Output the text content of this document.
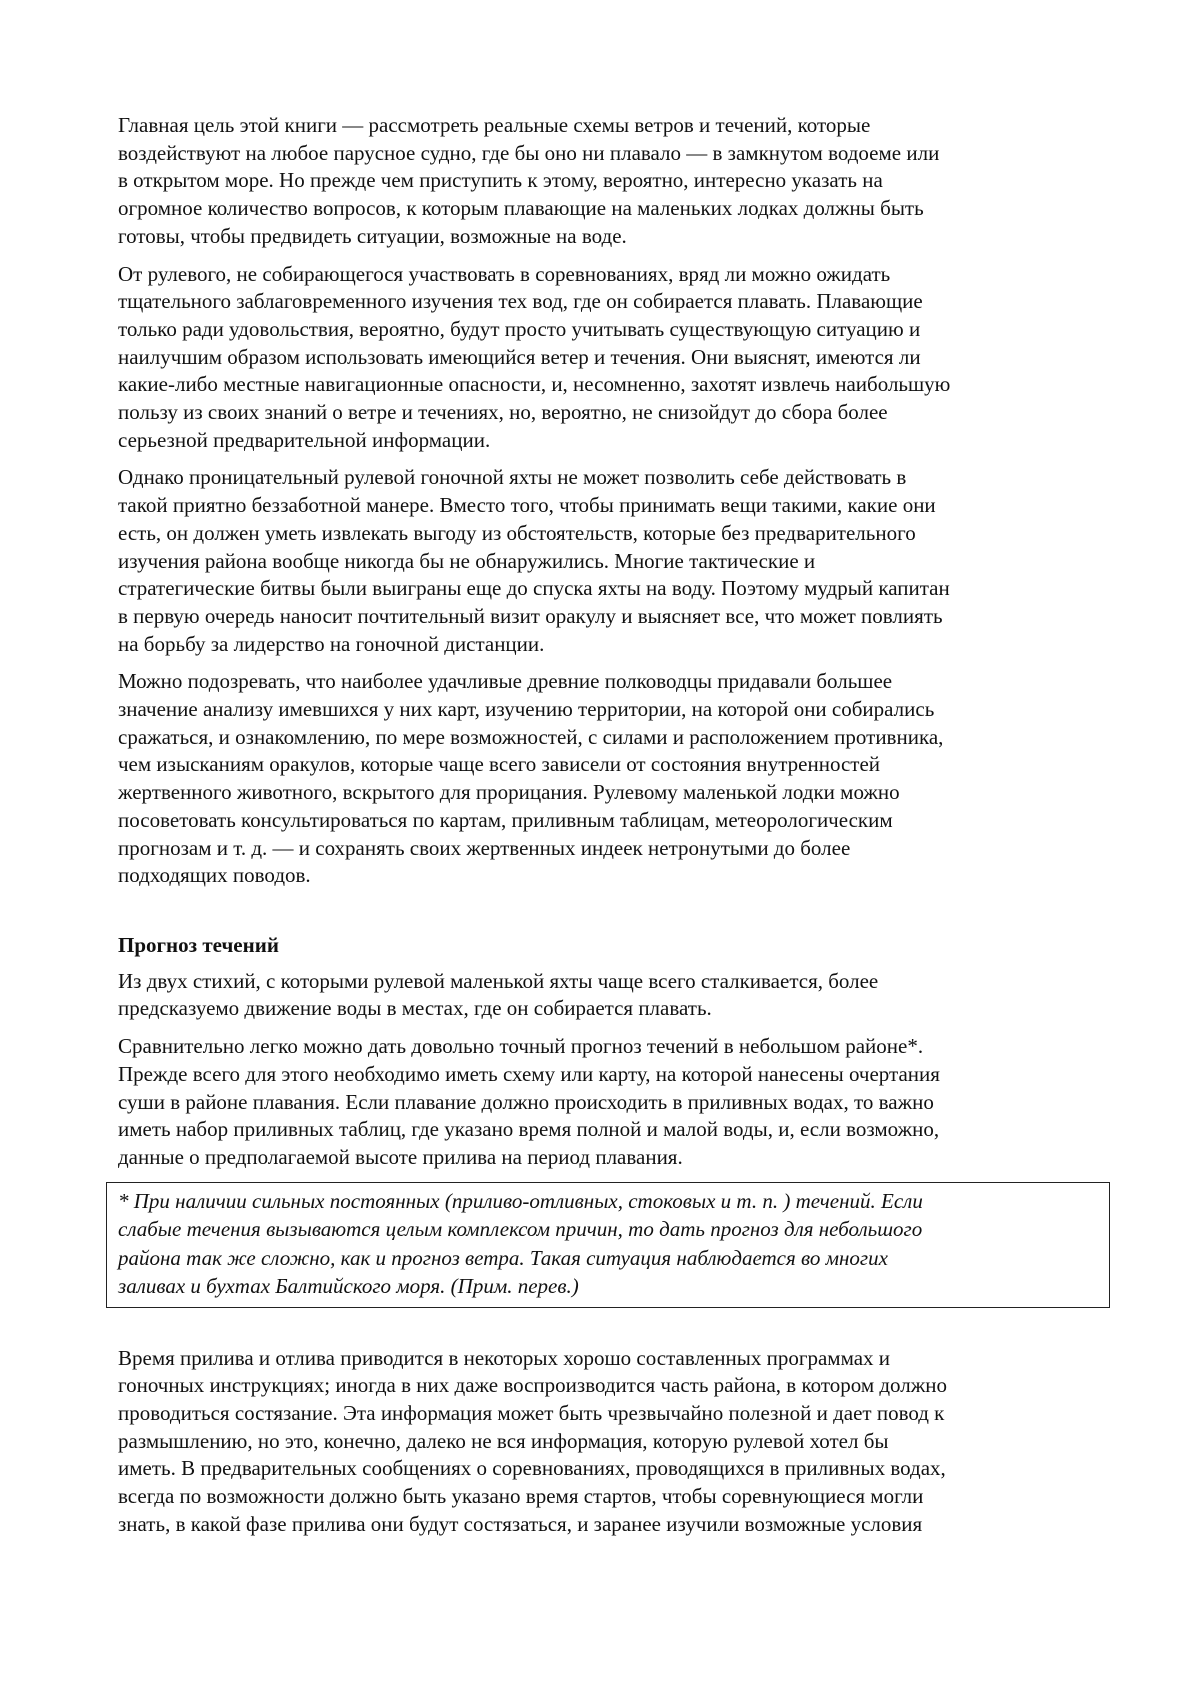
Главная цель этой книги — рассмотреть реальные схемы ветров и течений, которые
воздействуют на любое парусное судно, где бы оно ни плавало — в замкнутом водоеме или
в открытом море. Но прежде чем приступить к этому, вероятно, интересно указать на
огромное количество вопросов, к которым плавающие на маленьких лодках должны быть
готовы, чтобы предвидеть ситуации, возможные на воде.

От рулевого, не собирающегося участвовать в соревнованиях, вряд ли можно ожидать
тщательного заблаговременного изучения тех вод, где он собирается плавать. Плавающие
только ради удовольствия, вероятно, будут просто учитывать существующую ситуацию и
наилучшим образом использовать имеющийся ветер и течения. Они выяснят, имеются ли
какие-либо местные навигационные опасности, и, несомненно, захотят извлечь наибольшую
пользу из своих знаний о ветре и течениях, но, вероятно, не снизойдут до сбора более
серьезной предварительной информации.

Однако проницательный рулевой гоночной яхты не может позволить себе действовать в
такой приятно беззаботной манере. Вместо того, чтобы принимать вещи такими, какие они
есть, он должен уметь извлекать выгоду из обстоятельств, которые без предварительного
изучения района вообще никогда бы не обнаружились. Многие тактические и
стратегические битвы были выиграны еще до спуска яхты на воду. Поэтому мудрый капитан
в первую очередь наносит почтительный визит оракулу и выясняет все, что может повлиять
на борьбу за лидерство на гоночной дистанции.

Можно подозревать, что наиболее удачливые древние полководцы придавали большее
значение анализу имевшихся у них карт, изучению территории, на которой они собирались
сражаться, и ознакомлению, по мере возможностей, с силами и расположением противника,
чем изысканиям оракулов, которые чаще всего зависели от состояния внутренностей
жертвенного животного, вскрытого для прорицания. Рулевому маленькой лодки можно
посоветовать консультироваться по картам, приливным таблицам, метеорологическим
прогнозам и т. д. — и сохранять своих жертвенных индеек нетронутыми до более
подходящих поводов.

Прогноз течений

Из двух стихий, с которыми рулевой маленькой яхты чаще всего сталкивается, более
предсказуемо движение воды в местах, где он собирается плавать.

Сравнительно легко можно дать довольно точный прогноз течений в небольшом районе*.
Прежде всего для этого необходимо иметь схему или карту, на которой нанесены очертания
суши в районе плавания. Если плавание должно происходить в приливных водах, то важно
иметь набор приливных таблиц, где указано время полной и малой воды, и, если возможно,
данные о предполагаемой высоте прилива на период плавания.

* При наличии сильных постоянных (приливо-отливных, стоковых и т. п. ) течений. Если
слабые течения вызываются целым комплексом причин, то дать прогноз для небольшого
района так же сложно, как и прогноз ветра. Такая ситуация наблюдается во многих
заливах и бухтах Балтийского моря. (Прим. перев.)

Время прилива и отлива приводится в некоторых хорошо составленных программах и
гоночных инструкциях; иногда в них даже воспроизводится часть района, в котором должно
проводиться состязание. Эта информация может быть чрезвычайно полезной и дает повод к
размышлению, но это, конечно, далеко не вся информация, которую рулевой хотел бы
иметь. В предварительных сообщениях о соревнованиях, проводящихся в приливных водах,
всегда по возможности должно быть указано время стартов, чтобы соревнующиеся могли
знать, в какой фазе прилива они будут состязаться, и заранее изучили возможные условия
